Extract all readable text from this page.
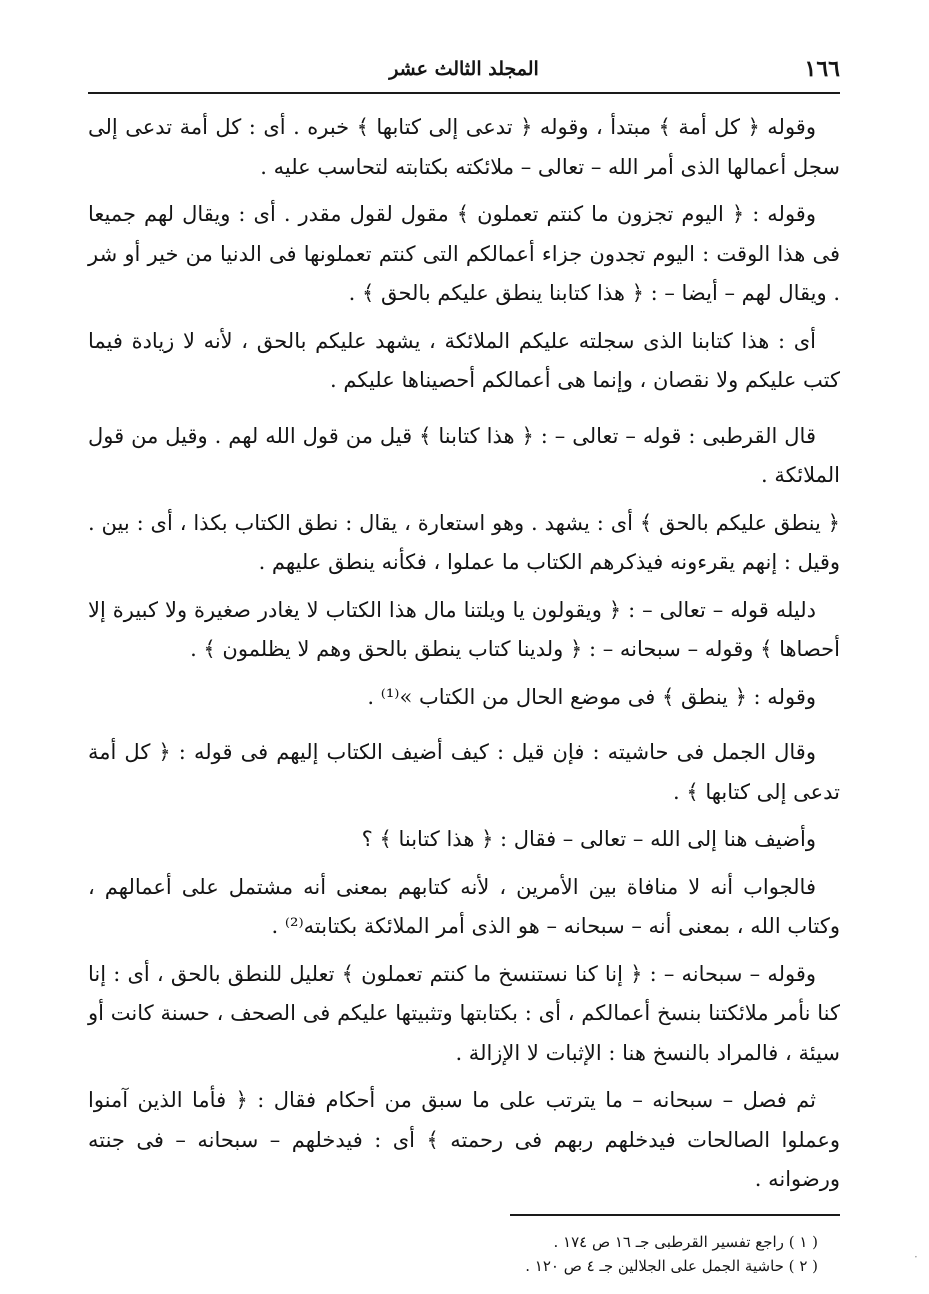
١٦٦
المجلد الثالث عشر

وقوله ﴿ كل أمة ﴾ مبتدأ ، وقوله ﴿ تدعى إلى كتابها ﴾ خبره . أى : كل أمة تدعى إلى سجل أعمالها الذى أمر الله – تعالى – ملائكته بكتابته لتحاسب عليه .

وقوله : ﴿ اليوم تجزون ما كنتم تعملون ﴾ مقول لقول مقدر . أى : ويقال لهم جميعا فى هذا الوقت : اليوم تجدون جزاء أعمالكم التى كنتم تعملونها فى الدنيا من خير أو شر . ويقال لهم – أيضا – : ﴿ هذا كتابنا ينطق عليكم بالحق ﴾ .

أى : هذا كتابنا الذى سجلته عليكم الملائكة ، يشهد عليكم بالحق ، لأنه لا زيادة فيما كتب عليكم ولا نقصان ، وإنما هى أعمالكم أحصيناها عليكم .

قال القرطبى : قوله – تعالى – : ﴿ هذا كتابنا ﴾ قيل من قول الله لهم . وقيل من قول الملائكة .

﴿ ينطق عليكم بالحق ﴾ أى : يشهد . وهو استعارة ، يقال : نطق الكتاب بكذا ، أى : بين . وقيل : إنهم يقرءونه فيذكرهم الكتاب ما عملوا ، فكأنه ينطق عليهم .

دليله قوله – تعالى – : ﴿ ويقولون يا ويلتنا مال هذا الكتاب لا يغادر صغيرة ولا كبيرة إلا أحصاها ﴾ وقوله – سبحانه – : ﴿ ولدينا كتاب ينطق بالحق وهم لا يظلمون ﴾ .

وقوله : ﴿ ينطق ﴾ فى موضع الحال من الكتاب »⁽¹⁾ .

وقال الجمل فى حاشيته : فإن قيل : كيف أضيف الكتاب إليهم فى قوله : ﴿ كل أمة تدعى إلى كتابها ﴾ .

وأضيف هنا إلى الله – تعالى – فقال : ﴿ هذا كتابنا ﴾ ؟

فالجواب أنه لا منافاة بين الأمرين ، لأنه كتابهم بمعنى أنه مشتمل على أعمالهم ، وكتاب الله ، بمعنى أنه – سبحانه – هو الذى أمر الملائكة بكتابته⁽²⁾ .

وقوله – سبحانه – : ﴿ إنا كنا نستنسخ ما كنتم تعملون ﴾ تعليل للنطق بالحق ، أى : إنا كنا نأمر ملائكتنا بنسخ أعمالكم ، أى : بكتابتها وتثبيتها عليكم فى الصحف ، حسنة كانت أو سيئة ، فالمراد بالنسخ هنا : الإثبات لا الإزالة .

ثم فصل – سبحانه – ما يترتب على ما سبق من أحكام فقال : ﴿ فأما الذين آمنوا وعملوا الصالحات فيدخلهم ربهم فى رحمته ﴾ أى : فيدخلهم – سبحانه – فى جنته ورضوانه .

( ١ ) راجع تفسير القرطبى جـ ١٦ ص ١٧٤ .

( ٢ ) حاشية الجمل على الجلالين جـ ٤ ص ١٢٠ .	·
